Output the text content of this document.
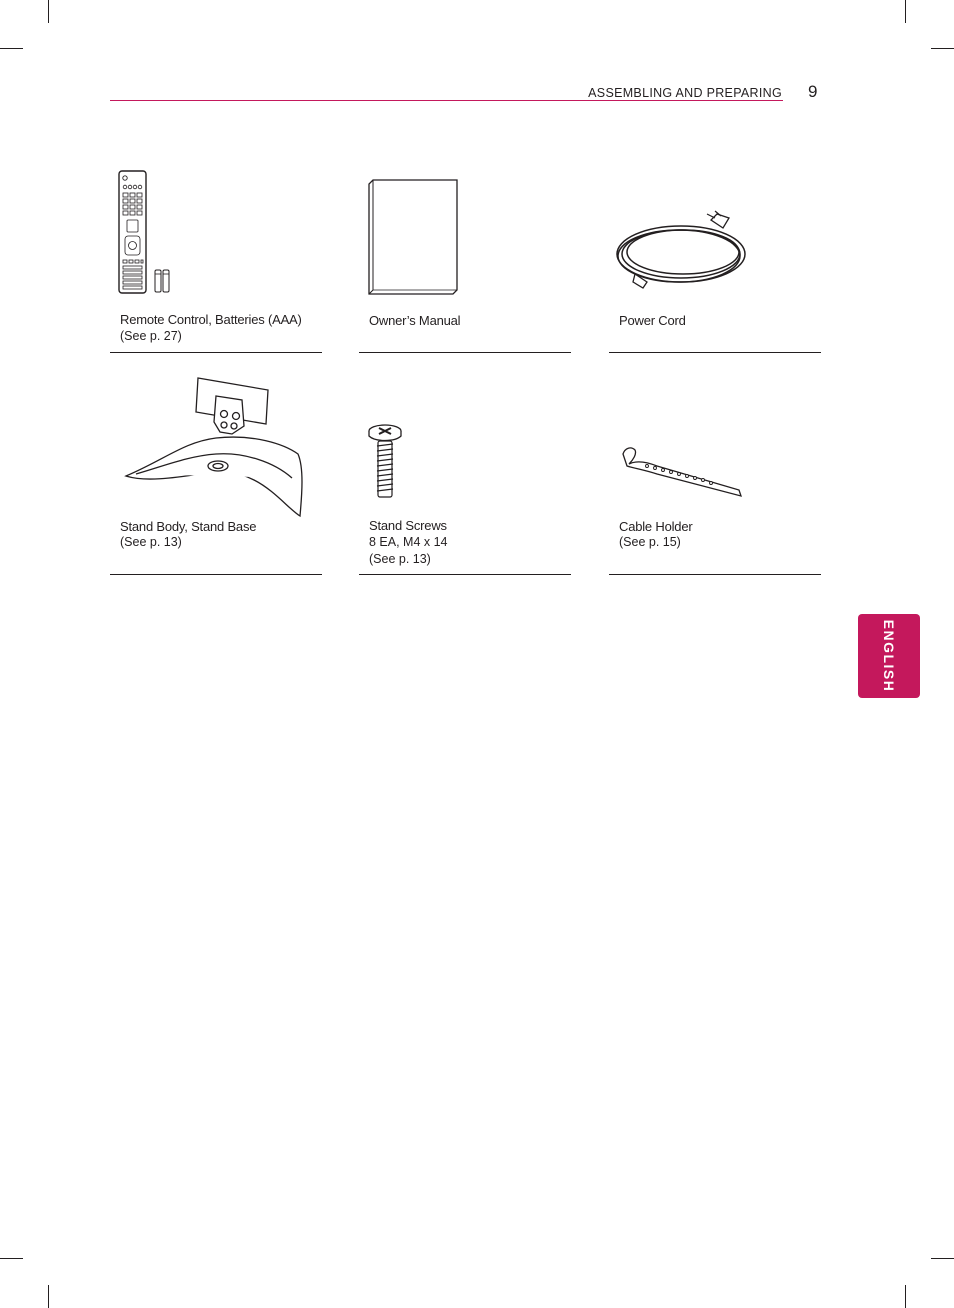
ASSEMBLING AND PREPARING 9
Remote Control, Batteries (AAA)
(See p. 27)
Owner’s Manual	Power Cord
Stand Body, Stand Base
(See p. 13)
Stand Screws
8 EA, M4 x 14
(See p. 13)
Cable Holder
(See p. 15)
ENGLISH
